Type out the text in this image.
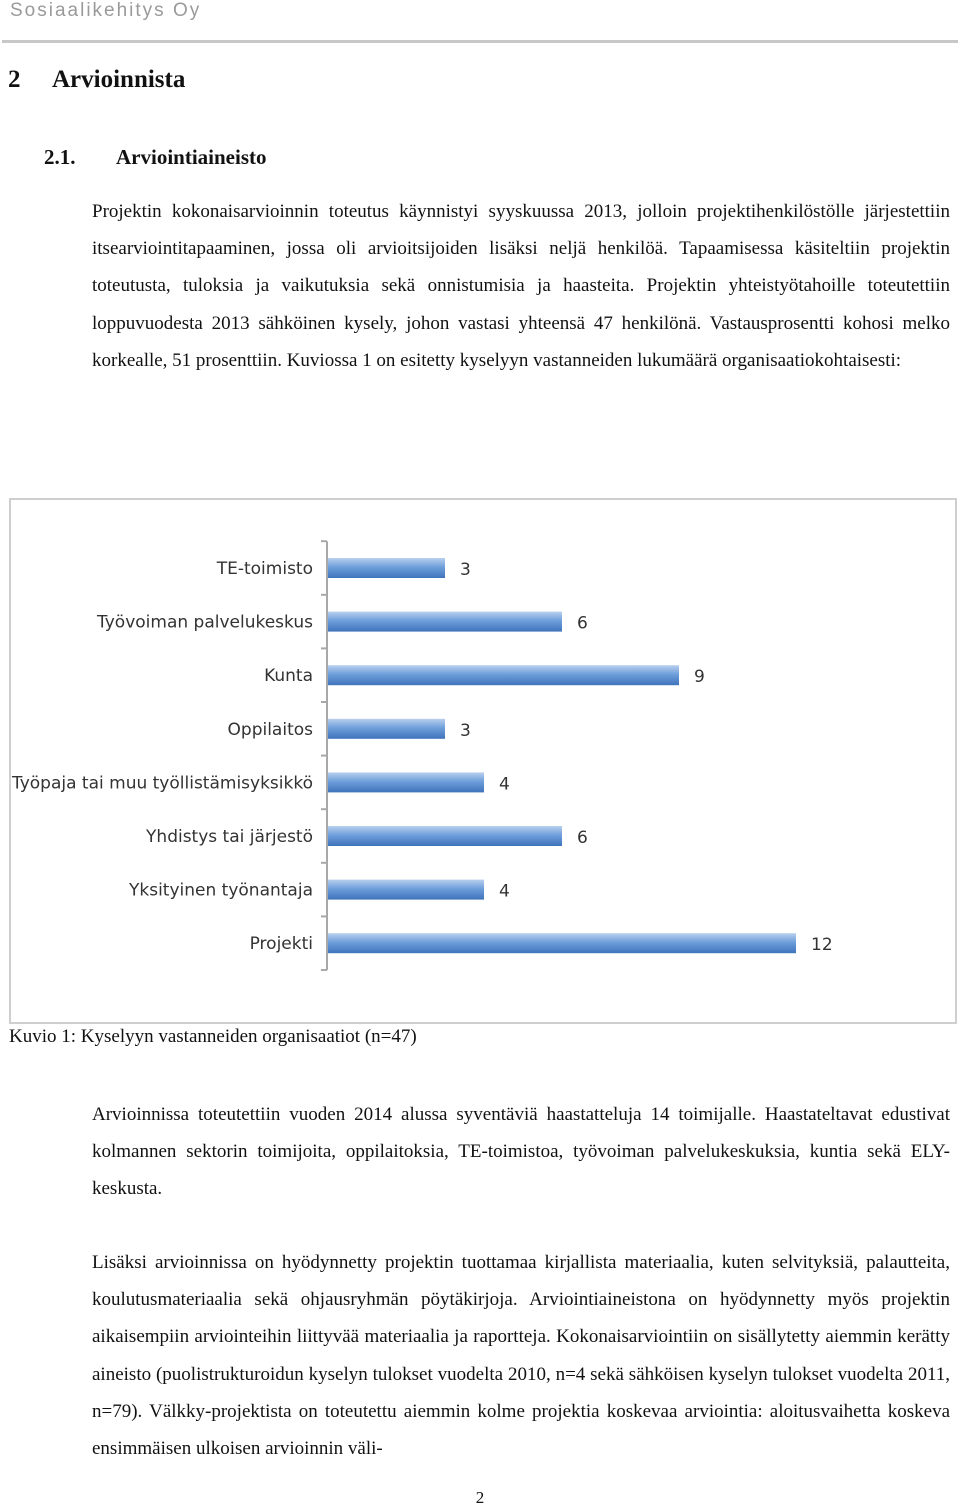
Sosiaalikehitys Oy
2 Arvioinnista
2.1. Arviointiaineisto

Projektin kokonaisarvioinnin toteutus käynnistyi syyskuussa 2013, jolloin projektihenkilöstölle järjestettiin itsearviointitapaaminen, jossa oli arvioitsijoiden lisäksi neljä henkilöä. Tapaamisessa käsiteltiin projektin toteutusta, tuloksia ja vaikutuksia sekä onnistumisia ja haasteita. Projektin yhteistyötahoille toteutettiin loppuvuodesta 2013 sähköinen kysely, johon vastasi yhteensä 47 henkilönä. Vastausprosentti kohosi melko korkealle, 51 prosenttiin. Kuviossa 1 on esitetty kyselyyn vastanneiden lukumäärä organisaatiokohtaisesti:

TE-toimisto	3
Työvoiman palvelukeskus	6
Kunta	9
Oppilaitos	3
Työpaja tai muu työllistämisyksikkö	4
Yhdistys tai järjestö	6
Yksityinen työnantaja	4
Projekti	12
Kuvio 1: Kyselyyn vastanneiden organisaatiot (n=47)

Arvioinnissa toteutettiin vuoden 2014 alussa syventäviä haastatteluja 14 toimijalle. Haastateltavat edustivat kolmannen sektorin toimijoita, oppilaitoksia, TE-toimistoa, työvoiman palvelukeskuksia, kuntia sekä ELY-keskusta.

Lisäksi arvioinnissa on hyödynnetty projektin tuottamaa kirjallista materiaalia, kuten selvityksiä, palautteita, koulutusmateriaalia sekä ohjausryhmän pöytäkirjoja. Arviointiaineistona on hyödynnetty myös projektin aikaisempiin arviointeihin liittyvää materiaalia ja raportteja. Kokonaisarviointiin on sisällytetty aiemmin kerätty aineisto (puolistrukturoidun kyselyn tulokset vuodelta 2010, n=4 sekä sähköisen kyselyn tulokset vuodelta 2011, n=79). Välkky-projektista on toteutettu aiemmin kolme projektia koskevaa arviointia: aloitusvaihetta koskeva ensimmäisen ulkoisen arvioinnin väli-

2
